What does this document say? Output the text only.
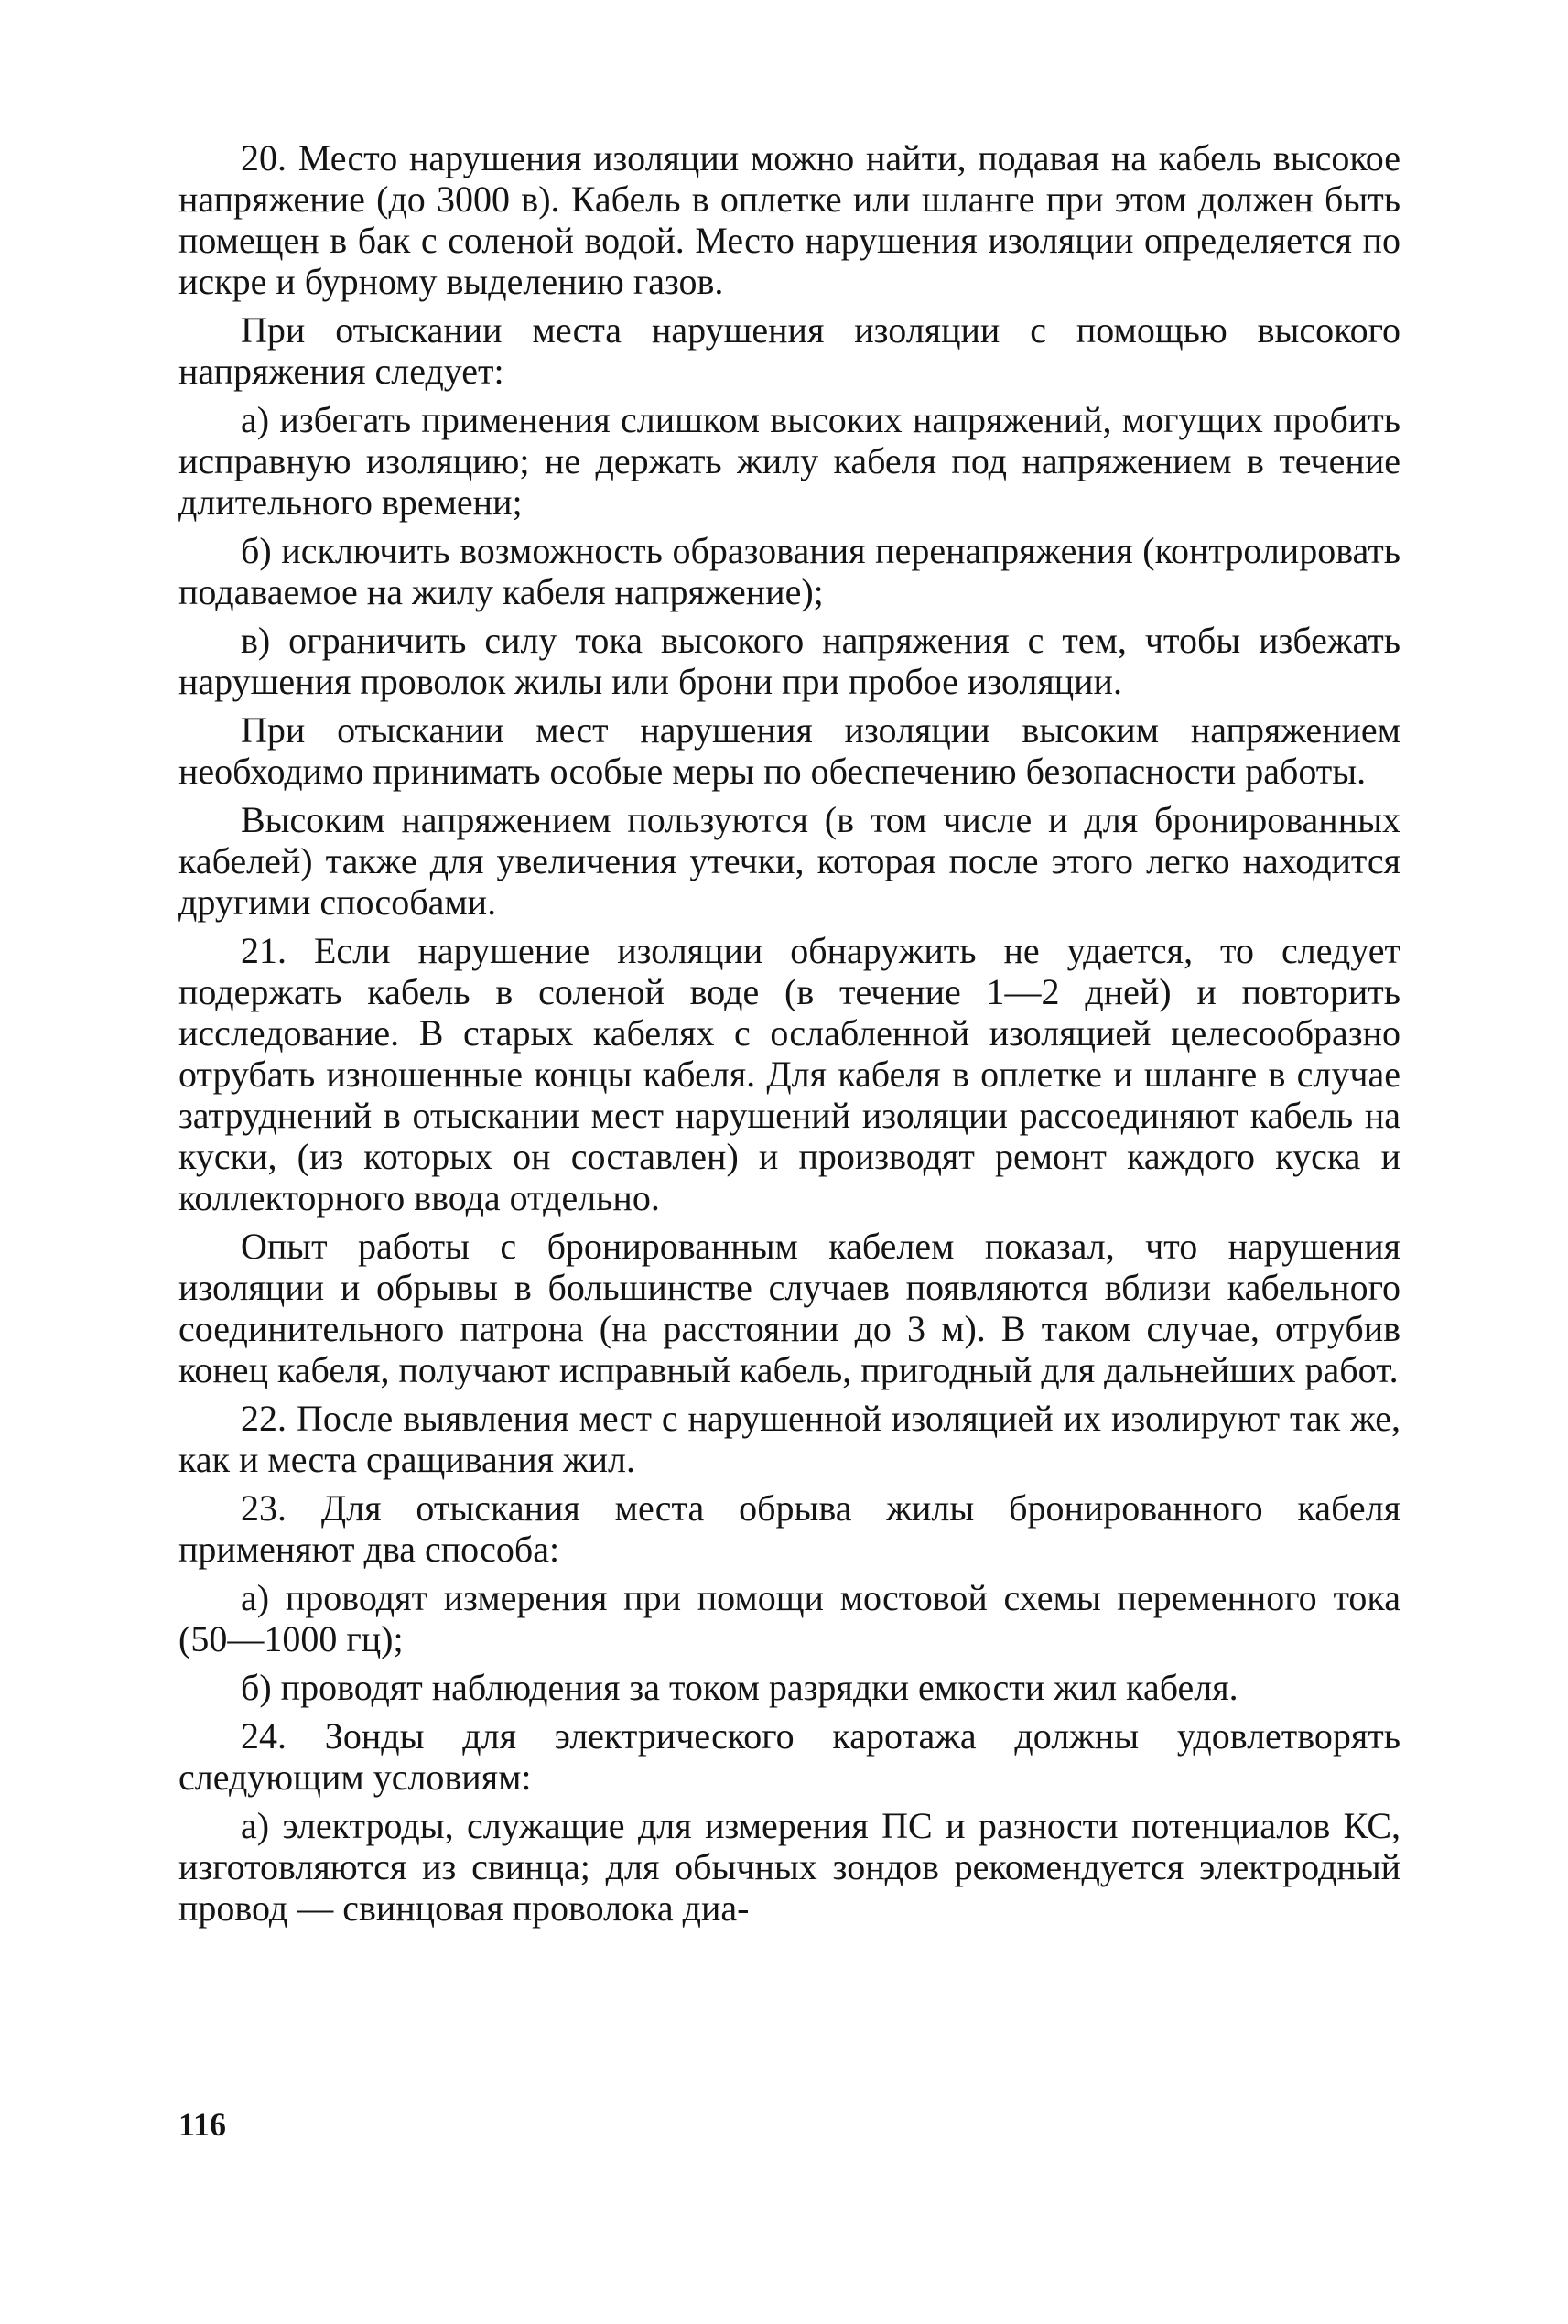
20. Место нарушения изоляции можно найти, подавая на кабель высокое напряжение (до 3000 в). Кабель в оплетке или шланге при этом должен быть помещен в бак с соленой водой. Место нарушения изоляции определяется по искре и бурному выделению газов.

При отыскании места нарушения изоляции с помощью высокого напряжения следует:

а) избегать применения слишком высоких напряжений, могущих пробить исправную изоляцию; не держать жилу кабеля под напряжением в течение длительного времени;

б) исключить возможность образования перенапряжения (контролировать подаваемое на жилу кабеля напряжение);

в) ограничить силу тока высокого напряжения с тем, чтобы избежать нарушения проволок жилы или брони при пробое изоляции.

При отыскании мест нарушения изоляции высоким напряжением необходимо принимать особые меры по обеспечению безопасности работы.

Высоким напряжением пользуются (в том числе и для бронированных кабелей) также для увеличения утечки, которая после этого легко находится другими способами.

21. Если нарушение изоляции обнаружить не удается, то следует подержать кабель в соленой воде (в течение 1—2 дней) и повторить исследование. В старых кабелях с ослабленной изоляцией целесообразно отрубать изношенные концы кабеля. Для кабеля в оплетке и шланге в случае затруднений в отыскании мест нарушений изоляции рассоединяют кабель на куски, (из которых он составлен) и производят ремонт каждого куска и коллекторного ввода отдельно.

Опыт работы с бронированным кабелем показал, что нарушения изоляции и обрывы в большинстве случаев появляются вблизи кабельного соединительного патрона (на расстоянии до 3 м). В таком случае, отрубив конец кабеля, получают исправный кабель, пригодный для дальнейших работ.

22. После выявления мест с нарушенной изоляцией их изолируют так же, как и места сращивания жил.

23. Для отыскания места обрыва жилы бронированного кабеля применяют два способа:

а) проводят измерения при помощи мостовой схемы переменного тока (50—1000 гц);

б) проводят наблюдения за током разрядки емкости жил кабеля.

24. Зонды для электрического каротажа должны удовлетворять следующим условиям:

а) электроды, служащие для измерения ПС и разности потенциалов КС, изготовляются из свинца; для обычных зондов рекомендуется электродный провод — свинцовая проволока диа-

116
